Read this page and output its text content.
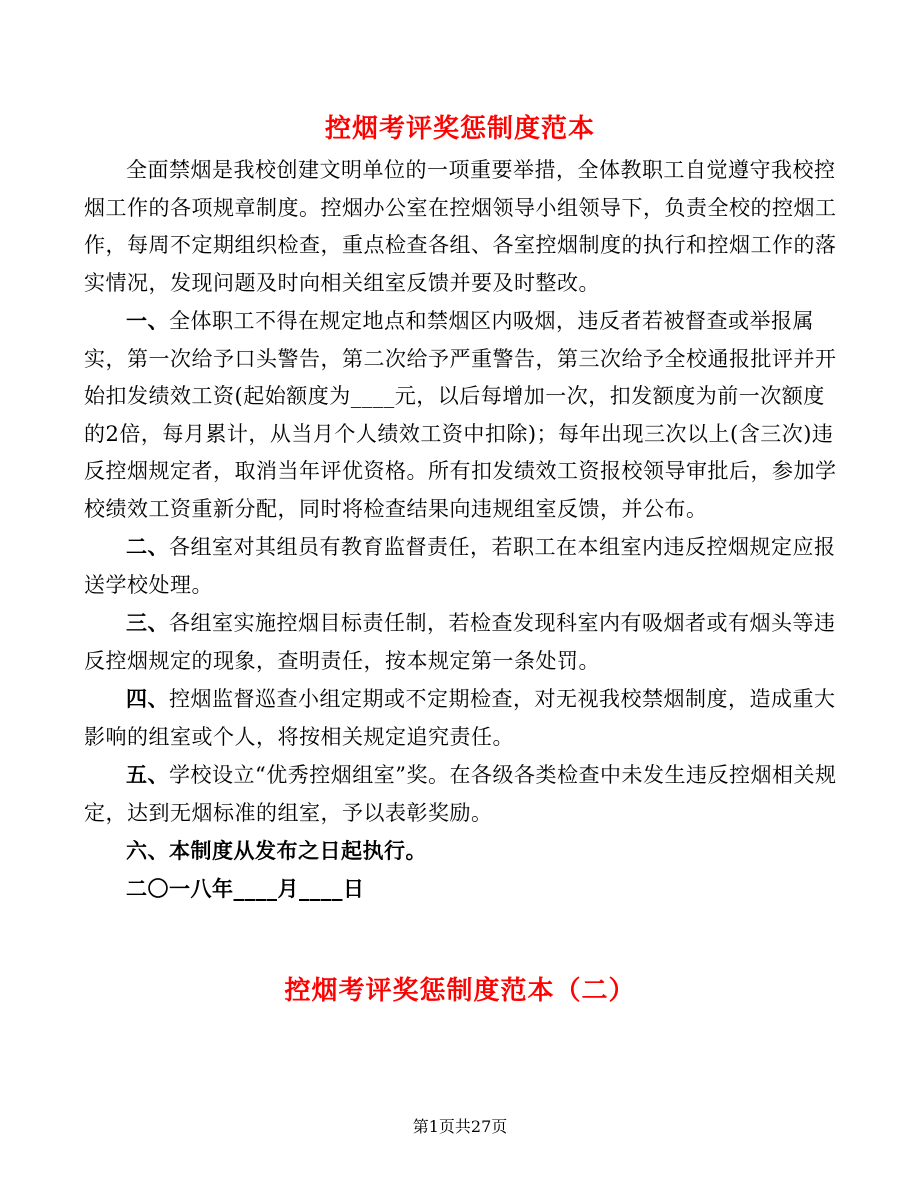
控烟考评奖惩制度范本

全面禁烟是我校创建文明单位的一项重要举措，全体教职工自觉遵守我校控烟工作的各项规章制度。控烟办公室在控烟领导小组领导下，负责全校的控烟工作，每周不定期组织检查，重点检查各组、各室控烟制度的执行和控烟工作的落实情况，发现问题及时向相关组室反馈并要及时整改。

一、全体职工不得在规定地点和禁烟区内吸烟，违反者若被督查或举报属实，第一次给予口头警告，第二次给予严重警告，第三次给予全校通报批评并开始扣发绩效工资(起始额度为____元，以后每增加一次，扣发额度为前一次额度的2倍，每月累计，从当月个人绩效工资中扣除)；每年出现三次以上(含三次)违反控烟规定者，取消当年评优资格。所有扣发绩效工资报校领导审批后，参加学校绩效工资重新分配，同时将检查结果向违规组室反馈，并公布。

二、各组室对其组员有教育监督责任，若职工在本组室内违反控烟规定应报送学校处理。

三、各组室实施控烟目标责任制，若检查发现科室内有吸烟者或有烟头等违反控烟规定的现象，查明责任，按本规定第一条处罚。

四、控烟监督巡查小组定期或不定期检查，对无视我校禁烟制度，造成重大影响的组室或个人，将按相关规定追究责任。

五、学校设立“优秀控烟组室”奖。在各级各类检查中未发生违反控烟相关规定，达到无烟标准的组室，予以表彰奖励。

六、本制度从发布之日起执行。

二〇一八年____月____日

控烟考评奖惩制度范本（二）
第1页共27页
